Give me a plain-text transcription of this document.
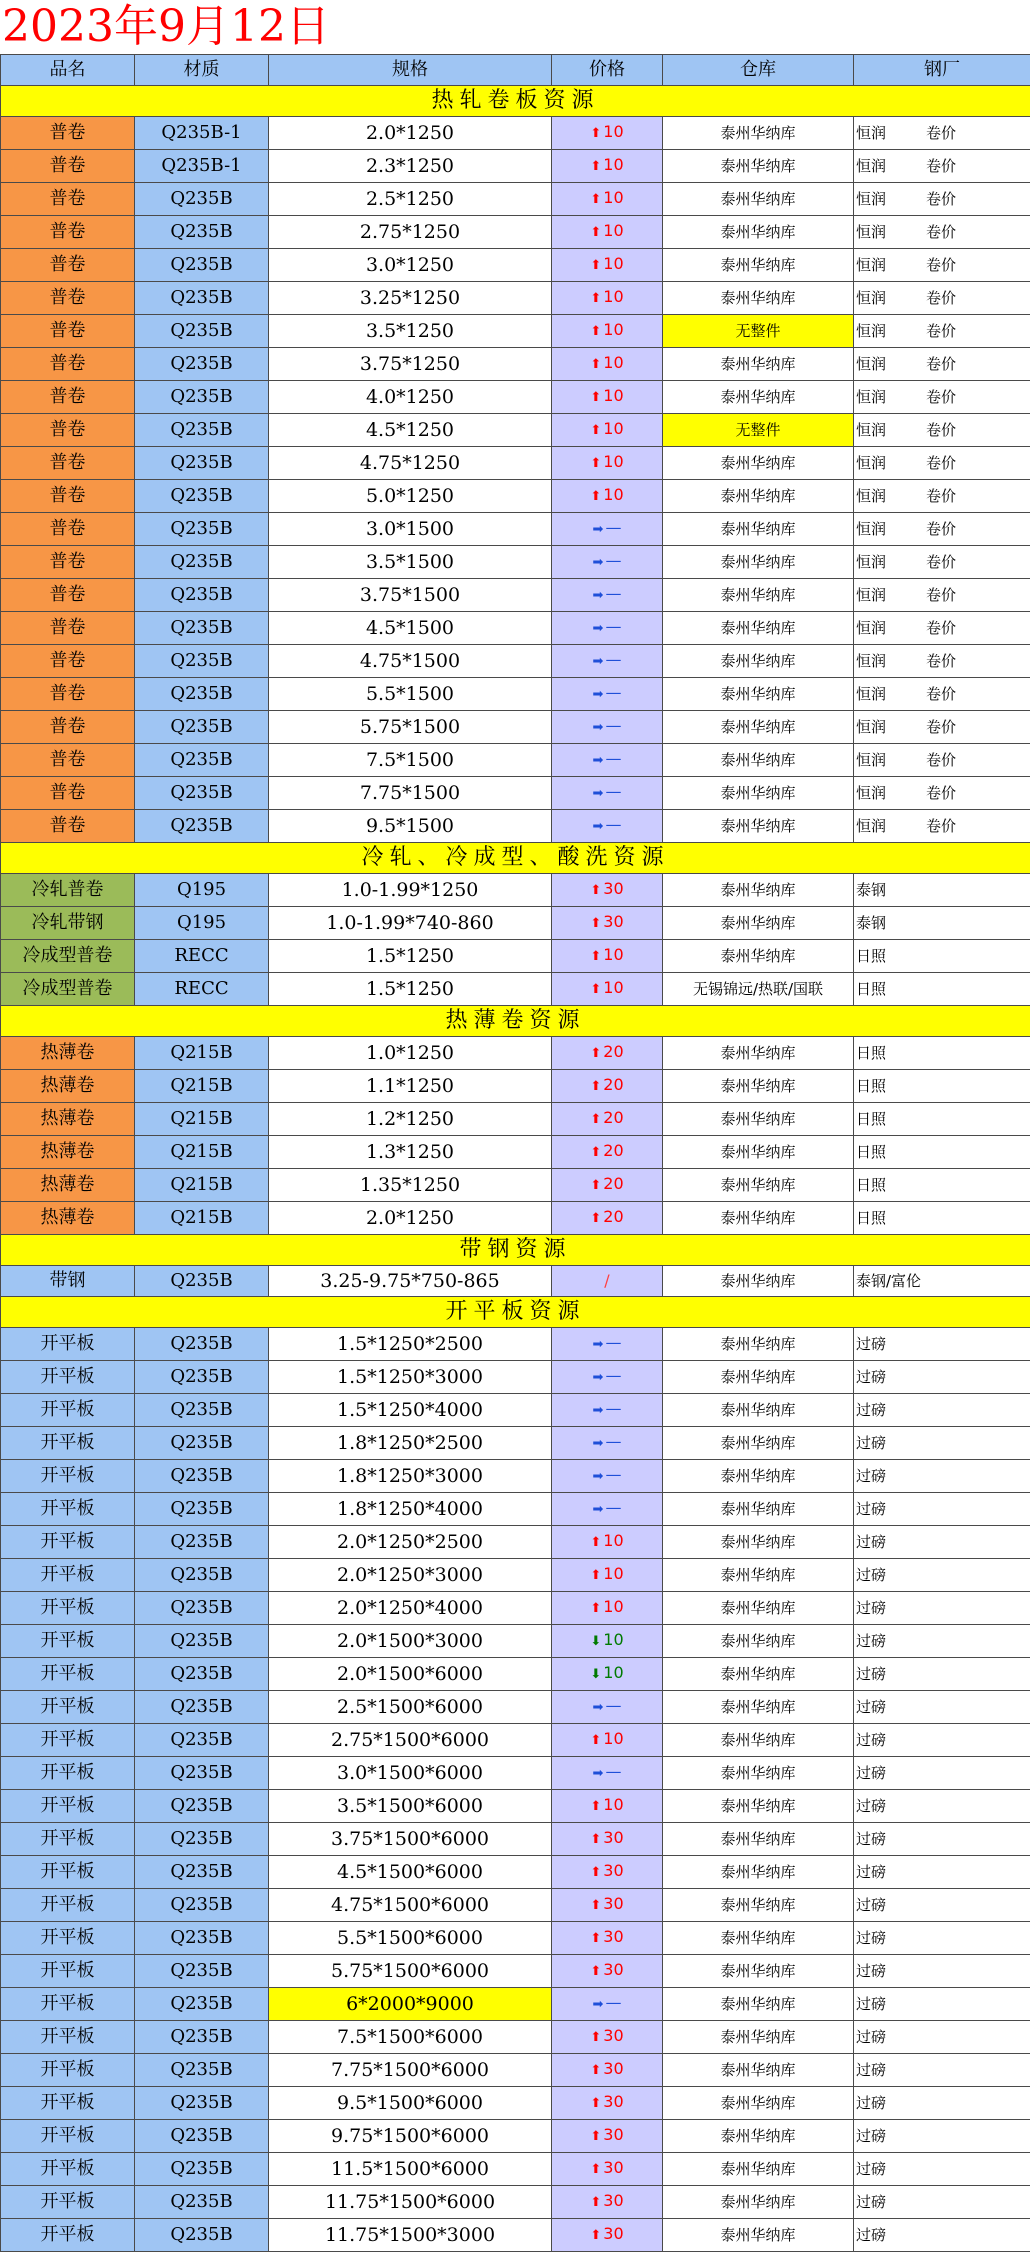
2023年9月12日
品名	材质	规格	价格	仓库	钢厂
热轧卷板资源					
普卷	Q235B-1	2.0*1250	⬆ 10	泰州华纳库	恒润 卷价
普卷	Q235B-1	2.3*1250	⬆ 10	泰州华纳库	恒润 卷价
普卷	Q235B	2.5*1250	⬆ 10	泰州华纳库	恒润 卷价
普卷	Q235B	2.75*1250	⬆ 10	泰州华纳库	恒润 卷价
普卷	Q235B	3.0*1250	⬆ 10	泰州华纳库	恒润 卷价
普卷	Q235B	3.25*1250	⬆ 10	泰州华纳库	恒润 卷价
普卷	Q235B	3.5*1250	⬆ 10	无整件	恒润 卷价
普卷	Q235B	3.75*1250	⬆ 10	泰州华纳库	恒润 卷价
普卷	Q235B	4.0*1250	⬆ 10	泰州华纳库	恒润 卷价
普卷	Q235B	4.5*1250	⬆ 10	无整件	恒润 卷价
普卷	Q235B	4.75*1250	⬆ 10	泰州华纳库	恒润 卷价
普卷	Q235B	5.0*1250	⬆ 10	泰州华纳库	恒润 卷价
普卷	Q235B	3.0*1500	➡ —	泰州华纳库	恒润 卷价
普卷	Q235B	3.5*1500	➡ —	泰州华纳库	恒润 卷价
普卷	Q235B	3.75*1500	➡ —	泰州华纳库	恒润 卷价
普卷	Q235B	4.5*1500	➡ —	泰州华纳库	恒润 卷价
普卷	Q235B	4.75*1500	➡ —	泰州华纳库	恒润 卷价
普卷	Q235B	5.5*1500	➡ —	泰州华纳库	恒润 卷价
普卷	Q235B	5.75*1500	➡ —	泰州华纳库	恒润 卷价
普卷	Q235B	7.5*1500	➡ —	泰州华纳库	恒润 卷价
普卷	Q235B	7.75*1500	➡ —	泰州华纳库	恒润 卷价
普卷	Q235B	9.5*1500	➡ —	泰州华纳库	恒润 卷价
冷轧、冷成型、酸洗资源					
冷轧普卷	Q195	1.0-1.99*1250	⬆ 30	泰州华纳库	泰钢
冷轧带钢	Q195	1.0-1.99*740-860	⬆ 30	泰州华纳库	泰钢
冷成型普卷	RECC	1.5*1250	⬆ 10	泰州华纳库	日照
冷成型普卷	RECC	1.5*1250	⬆ 10	无锡锦远/热联/国联	日照
热薄卷资源					
热薄卷	Q215B	1.0*1250	⬆ 20	泰州华纳库	日照
热薄卷	Q215B	1.1*1250	⬆ 20	泰州华纳库	日照
热薄卷	Q215B	1.2*1250	⬆ 20	泰州华纳库	日照
热薄卷	Q215B	1.3*1250	⬆ 20	泰州华纳库	日照
热薄卷	Q215B	1.35*1250	⬆ 20	泰州华纳库	日照
热薄卷	Q215B	2.0*1250	⬆ 20	泰州华纳库	日照
带钢资源					
带钢	Q235B	3.25-9.75*750-865	/	泰州华纳库	泰钢/富伦
开平板资源					
开平板	Q235B	1.5*1250*2500	➡ —	泰州华纳库	过磅
开平板	Q235B	1.5*1250*3000	➡ —	泰州华纳库	过磅
开平板	Q235B	1.5*1250*4000	➡ —	泰州华纳库	过磅
开平板	Q235B	1.8*1250*2500	➡ —	泰州华纳库	过磅
开平板	Q235B	1.8*1250*3000	➡ —	泰州华纳库	过磅
开平板	Q235B	1.8*1250*4000	➡ —	泰州华纳库	过磅
开平板	Q235B	2.0*1250*2500	⬆ 10	泰州华纳库	过磅
开平板	Q235B	2.0*1250*3000	⬆ 10	泰州华纳库	过磅
开平板	Q235B	2.0*1250*4000	⬆ 10	泰州华纳库	过磅
开平板	Q235B	2.0*1500*3000	⬇ 10	泰州华纳库	过磅
开平板	Q235B	2.0*1500*6000	⬇ 10	泰州华纳库	过磅
开平板	Q235B	2.5*1500*6000	➡ —	泰州华纳库	过磅
开平板	Q235B	2.75*1500*6000	⬆ 10	泰州华纳库	过磅
开平板	Q235B	3.0*1500*6000	➡ —	泰州华纳库	过磅
开平板	Q235B	3.5*1500*6000	⬆ 10	泰州华纳库	过磅
开平板	Q235B	3.75*1500*6000	⬆ 30	泰州华纳库	过磅
开平板	Q235B	4.5*1500*6000	⬆ 30	泰州华纳库	过磅
开平板	Q235B	4.75*1500*6000	⬆ 30	泰州华纳库	过磅
开平板	Q235B	5.5*1500*6000	⬆ 30	泰州华纳库	过磅
开平板	Q235B	5.75*1500*6000	⬆ 30	泰州华纳库	过磅
开平板	Q235B	6*2000*9000	➡ —	泰州华纳库	过磅
开平板	Q235B	7.5*1500*6000	⬆ 30	泰州华纳库	过磅
开平板	Q235B	7.75*1500*6000	⬆ 30	泰州华纳库	过磅
开平板	Q235B	9.5*1500*6000	⬆ 30	泰州华纳库	过磅
开平板	Q235B	9.75*1500*6000	⬆ 30	泰州华纳库	过磅
开平板	Q235B	11.5*1500*6000	⬆ 30	泰州华纳库	过磅
开平板	Q235B	11.75*1500*6000	⬆ 30	泰州华纳库	过磅
开平板	Q235B	11.75*1500*3000	⬆ 30	泰州华纳库	过磅
